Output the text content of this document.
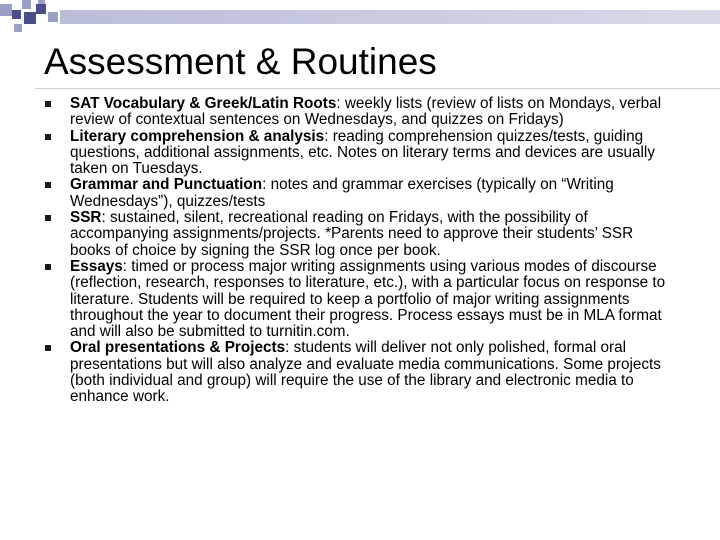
Assessment & Routines
SAT Vocabulary & Greek/Latin Roots: weekly lists (review of lists on Mondays, verbal review of contextual sentences on Wednesdays, and quizzes on Fridays)
Literary comprehension & analysis: reading comprehension quizzes/tests, guiding questions, additional assignments, etc. Notes on literary terms and devices are usually taken on Tuesdays.
Grammar and Punctuation: notes and grammar exercises (typically on “Writing Wednesdays”), quizzes/tests
SSR: sustained, silent, recreational reading on Fridays, with the possibility of accompanying assignments/projects. *Parents need to approve their students’ SSR books of choice by signing the SSR log once per book.
Essays: timed or process major writing assignments using various modes of discourse (reflection, research, responses to literature, etc.), with a particular focus on response to literature. Students will be required to keep a portfolio of major writing assignments throughout the year to document their progress. Process essays must be in MLA format and will also be submitted to turnitin.com.
Oral presentations & Projects: students will deliver not only polished, formal oral presentations but will also analyze and evaluate media communications. Some projects (both individual and group) will require the use of the library and electronic media to enhance work.
